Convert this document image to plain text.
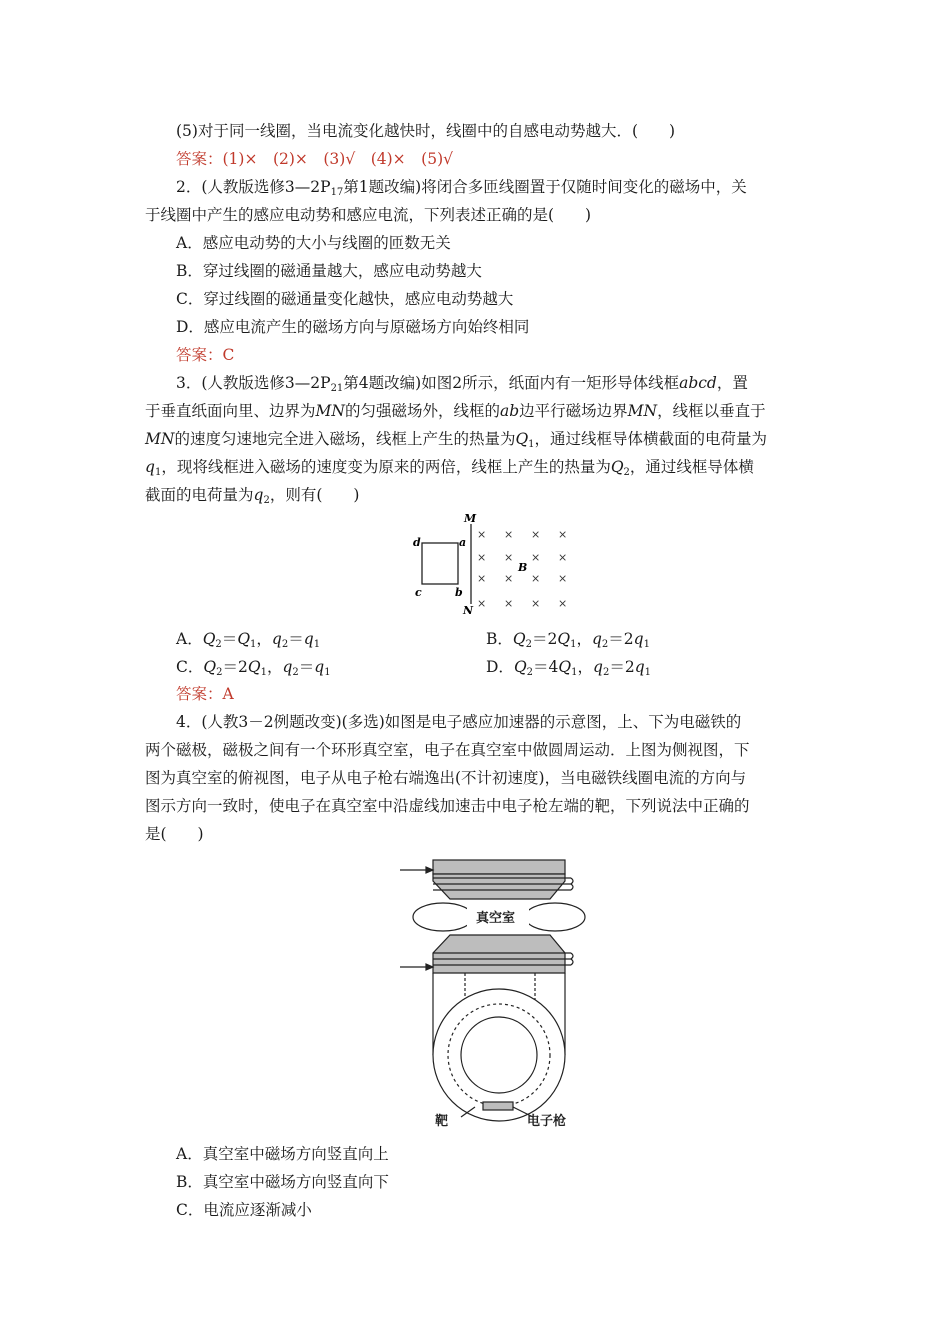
(5)对于同一线圈，当电流变化越快时，线圈中的自感电动势越大．(　　)
答案：(1)×　(2)×　(3)√　(4)×　(5)√
2．(人教版选修$3—2P_{17}$第1题改编)将闭合多匝线圈置于仅随时间变化的磁场中，关
于线圈中产生的感应电动势和感应电流，下列表述正确的是(　　)
A．感应电动势的大小与线圈的匝数无关
B．穿过线圈的磁通量越大，感应电动势越大
C．穿过线圈的磁通量变化越快，感应电动势越大
D．感应电流产生的磁场方向与原磁场方向始终相同
答案：C
3．(人教版选修$3—2P_{21}$第4题改编)如图2所示，纸面内有一矩形导体线框abcd，置
于垂直纸面向里、边界为MN的匀强磁场外，线框的ab边平行磁场边界MN，线框以垂直于
MN的速度匀速地完全进入磁场，线框上产生的热量为$Q_1$，通过线框导体横截面的电荷量为
$q_1$，现将线框进入磁场的速度变为原来的两倍，线框上产生的热量为$Q_2$，通过线框导体横
截面的电荷量为$q_2$，则有(　　)
d	a
c	b
M
N
× × × ×
× × × ×
× × × ×
× × × ×
B
A．$Q_2=Q_1$，$q_2=q_1$	B．$Q_2=2Q_1$，$q_2=2q_1$
C．$Q_2=2Q_1$，$q_2=q_1$	D．$Q_2=4Q_1$，$q_2=2q_1$
答案：A
4．(人教3－2例题改变)(多选)如图是电子感应加速器的示意图，上、下为电磁铁的
两个磁极，磁极之间有一个环形真空室，电子在真空室中做圆周运动．上图为侧视图，下
图为真空室的俯视图，电子从电子枪右端逸出(不计初速度)，当电磁铁线圈电流的方向与
图示方向一致时，使电子在真空室中沿虚线加速击中电子枪左端的靶，下列说法中正确的
是(　　)
真空室
靶	电子枪
A．真空室中磁场方向竖直向上
B．真空室中磁场方向竖直向下
C．电流应逐渐减小
